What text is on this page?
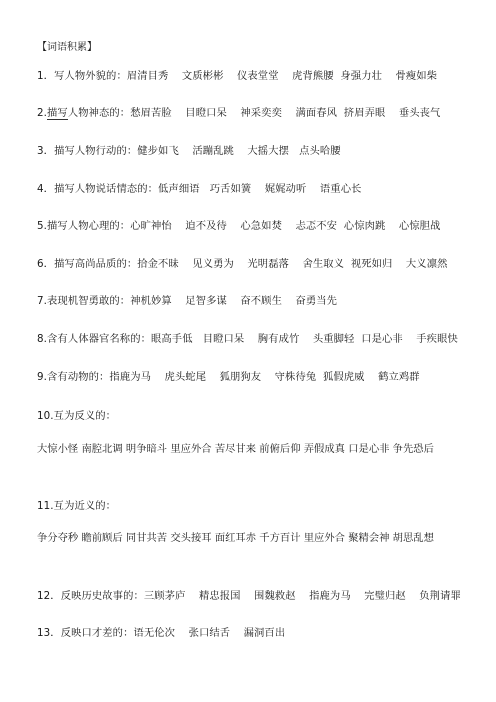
【词语积累】
1．写人物外貌的：眉清目秀    文质彬彬    仪表堂堂    虎背熊腰  身强力壮    骨瘦如柴
2.描写人物神态的：愁眉苦脸    目瞪口呆    神采奕奕    满面春风  挤眉弄眼    垂头丧气
3．描写人物行动的：健步如飞    活蹦乱跳    大摇大摆   点头哈腰
4．描写人物说话情态的：低声细语   巧舌如簧    娓娓动听    语重心长
5.描写人物心理的：心旷神怡    迫不及待    心急如焚    忐忑不安  心惊肉跳    心惊胆战
6．描写高尚品质的：拾金不昧    见义勇为    光明磊落    舍生取义  视死如归    大义凛然
7.表现机智勇敢的：神机妙算    足智多谋    奋不顾生    奋勇当先
8.含有人体器官名称的：眼高手低   目瞪口呆    胸有成竹    头重脚轻  口是心非    手疾眼快
9.含有动物的：指鹿为马    虎头蛇尾    狐朋狗友    守株待兔  狐假虎威    鹤立鸡群
10.互为反义的：
大惊小怪 南腔北调 明争暗斗 里应外合 苦尽甘来 前俯后仰 弄假成真 口是心非 争先恐后
11.互为近义的：
争分夺秒 瞻前顾后 同甘共苦 交头接耳 面红耳赤 千方百计 里应外合 聚精会神 胡思乱想
12．反映历史故事的：三顾茅庐    精忠报国    围魏救赵    指鹿为马    完璧归赵    负荆请罪
13．反映口才差的：语无伦次    张口结舌    漏洞百出
